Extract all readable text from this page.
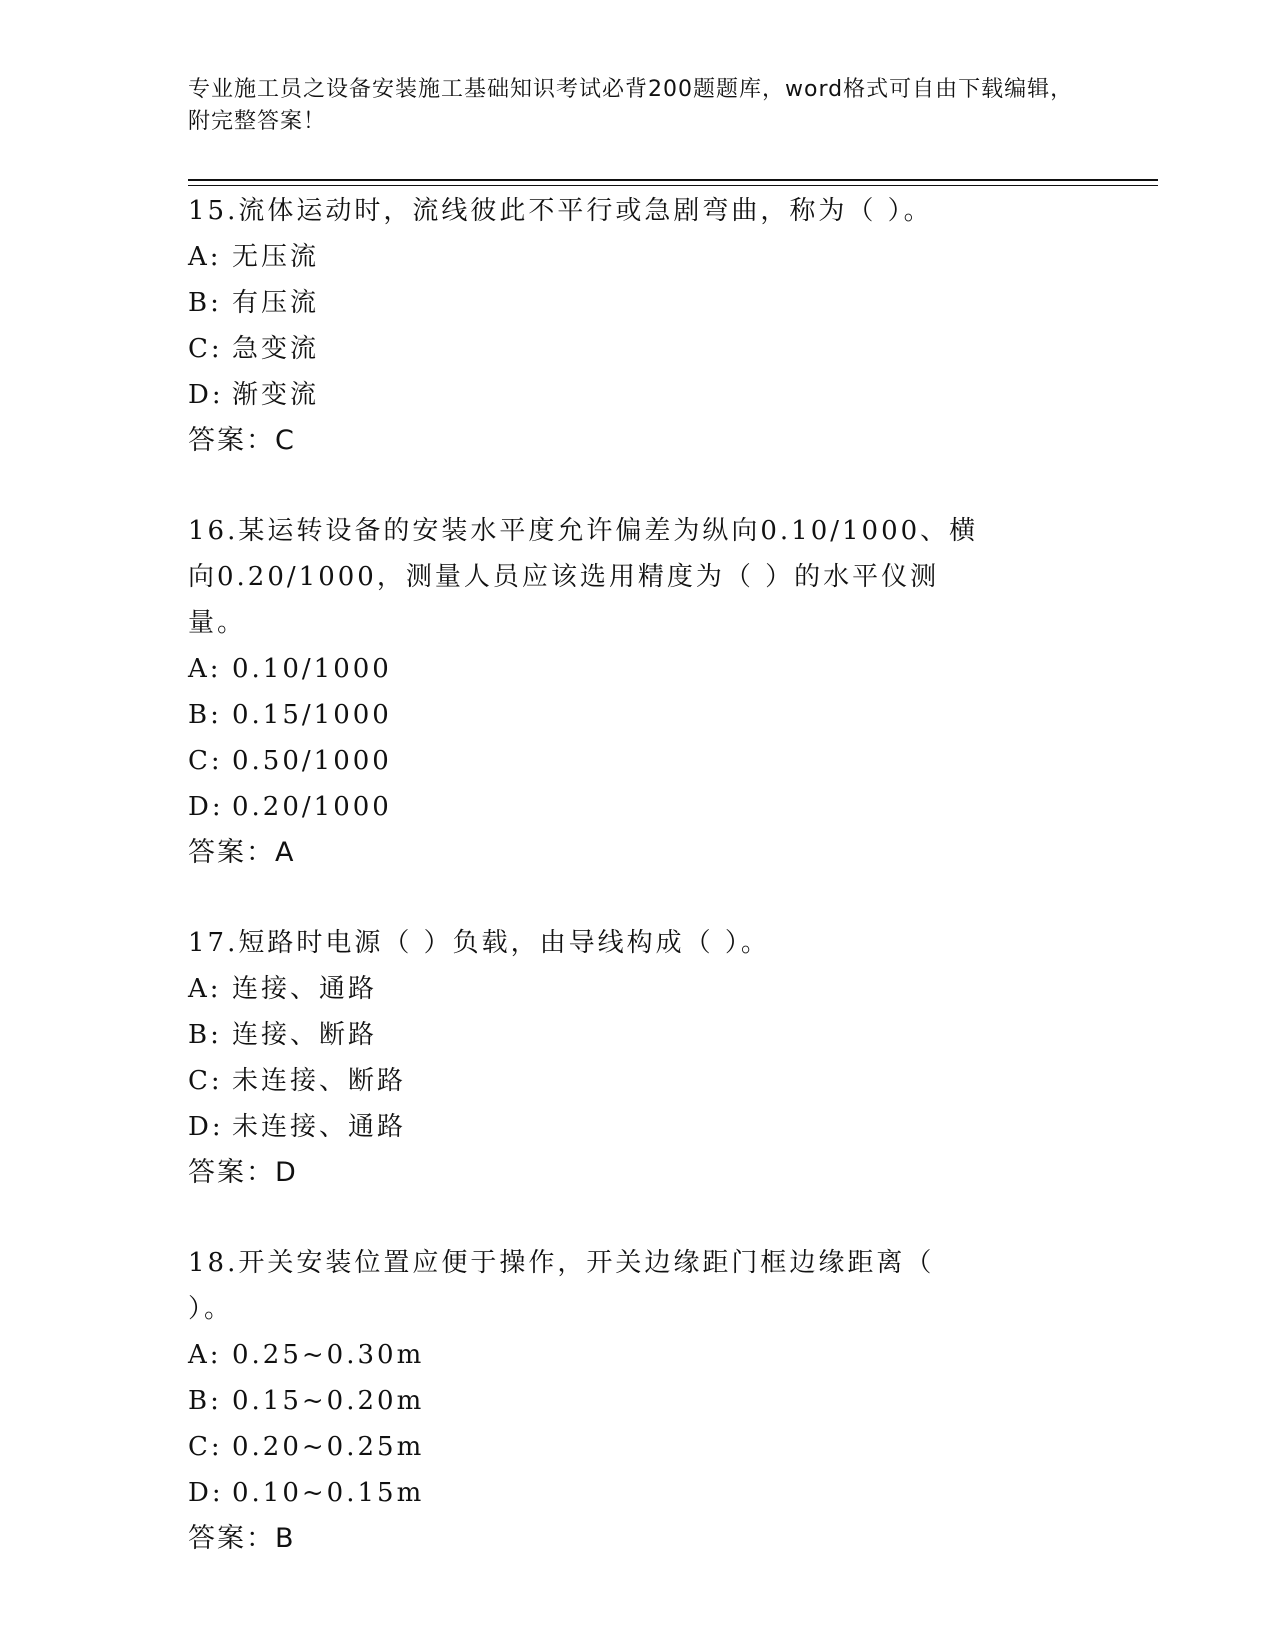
专业施工员之设备安装施工基础知识考试必背200题题库，word格式可自由下载编辑，附完整答案！
15.流体运动时，流线彼此不平行或急剧弯曲，称为（ ）。
A: 无压流
B: 有压流
C: 急变流
D: 渐变流
答案：C
16.某运转设备的安装水平度允许偏差为纵向0.10/1000、横向0.20/1000，测量人员应该选用精度为（ ）的水平仪测量。
A: 0.10/1000
B: 0.15/1000
C: 0.50/1000
D: 0.20/1000
答案：A
17.短路时电源（ ）负载，由导线构成（ ）。
A: 连接、通路
B: 连接、断路
C: 未连接、断路
D: 未连接、通路
答案：D
18.开关安装位置应便于操作，开关边缘距门框边缘距离（ ）。
A: 0.25~0.30m
B: 0.15~0.20m
C: 0.20~0.25m
D: 0.10~0.15m
答案：B
